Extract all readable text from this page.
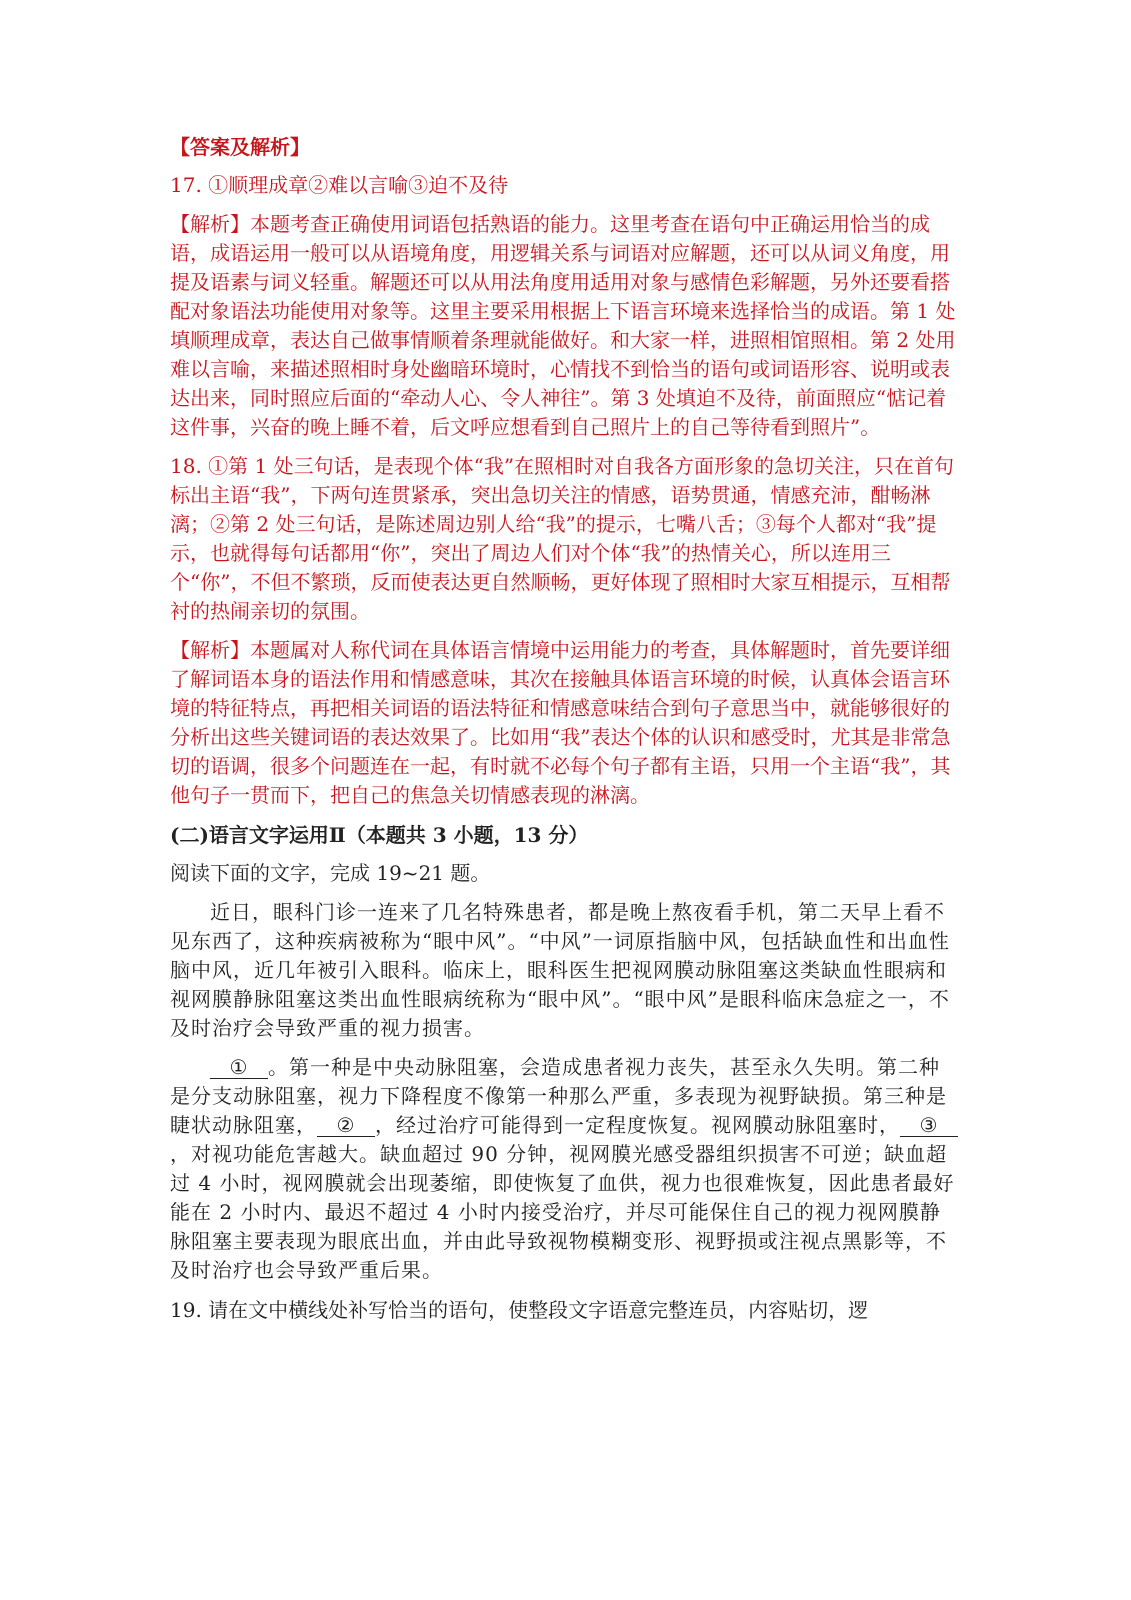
【答案及解析】
17. ①顺理成章②难以言喻③迫不及待

【解析】本题考查正确使用词语包括熟语的能力。这里考查在语句中正确运用恰当的成语，成语运用一般可以从语境角度，用逻辑关系与词语对应解题，还可以从词义角度，用提及语素与词义轻重。解题还可以从用法角度用适用对象与感情色彩解题，另外还要看搭配对象语法功能使用对象等。这里主要采用根据上下语言环境来选择恰当的成语。第 1 处填顺理成章，表达自己做事情顺着条理就能做好。和大家一样，进照相馆照相。第 2 处用难以言喻，来描述照相时身处幽暗环境时，心情找不到恰当的语句或词语形容、说明或表达出来，同时照应后面的“牵动人心、令人神往”。第 3 处填迫不及待，前面照应“惦记着这件事，兴奋的晚上睡不着，后文呼应想看到自己照片上的自己等待看到照片”。

18. ①第 1 处三句话，是表现个体“我”在照相时对自我各方面形象的急切关注，只在首句标出主语“我”，下两句连贯紧承，突出急切关注的情感，语势贯通，情感充沛，酣畅淋漓；②第 2 处三句话，是陈述周边别人给“我”的提示，七嘴八舌；③每个人都对“我”提示，也就得每句话都用“你”，突出了周边人们对个体“我”的热情关心，所以连用三个“你”，不但不繁琐，反而使表达更自然顺畅，更好体现了照相时大家互相提示，互相帮衬的热闹亲切的氛围。

【解析】本题属对人称代词在具体语言情境中运用能力的考查，具体解题时，首先要详细了解词语本身的语法作用和情感意味，其次在接触具体语言环境的时候，认真体会语言环境的特征特点，再把相关词语的语法特征和情感意味结合到句子意思当中，就能够很好的分析出这些关键词语的表达效果了。比如用“我”表达个体的认识和感受时，尤其是非常急切的语调，很多个问题连在一起，有时就不必每个句子都有主语，只用一个主语“我”，其他句子一贯而下，把自己的焦急关切情感表现的淋漓。

(二)语言文字运用Ⅱ（本题共 3 小题，13 分）
阅读下面的文字，完成 19~21 题。

近日，眼科门诊一连来了几名特殊患者，都是晚上熬夜看手机，第二天早上看不见东西了，这种疾病被称为“眼中风”。“中风”一词原指脑中风，包括缺血性和出血性脑中风，近几年被引入眼科。临床上，眼科医生把视网膜动脉阻塞这类缺血性眼病和视网膜静脉阻塞这类出血性眼病统称为“眼中风”。“眼中风”是眼科临床急症之一，不及时治疗会导致严重的视力损害。

① 。第一种是中央动脉阻塞，会造成患者视力丧失，甚至永久失明。第二种是分支动脉阻塞，视力下降程度不像第一种那么严重，多表现为视野缺损。第三种是睫状动脉阻塞， ② ，经过治疗可能得到一定程度恢复。视网膜动脉阻塞时， ③，对视功能危害越大。缺血超过 90 分钟，视网膜光感受器组织损害不可逆；缺血超过 4 小时，视网膜就会出现萎缩，即使恢复了血供，视力也很难恢复，因此患者最好能在 2 小时内、最迟不超过 4 小时内接受治疗，并尽可能保住自己的视力视网膜静脉阻塞主要表现为眼底出血，并由此导致视物模糊变形、视野损或注视点黑影等，不及时治疗也会导致严重后果。

19. 请在文中横线处补写恰当的语句，使整段文字语意完整连员，内容贴切，逻
